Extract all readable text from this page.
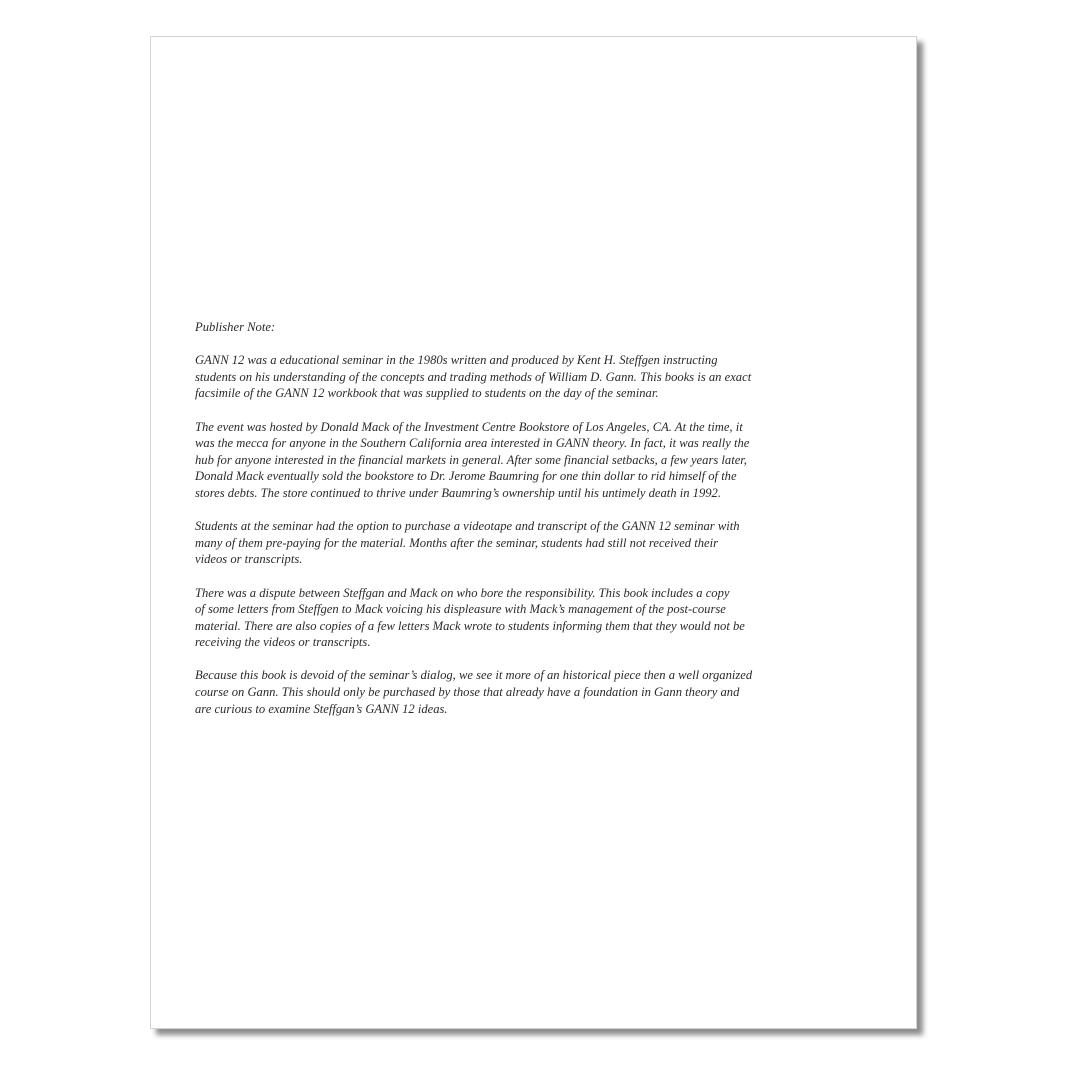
Publisher Note:

GANN 12 was a educational seminar in the 1980s written and produced by Kent H. Steffgen instructing
students on his understanding of the concepts and trading methods of William D. Gann. This books is an exact
facsimile of the GANN 12 workbook that was supplied to students on the day of the seminar.

The event was hosted by Donald Mack of the Investment Centre Bookstore of Los Angeles, CA. At the time, it
was the mecca for anyone in the Southern California area interested in GANN theory. In fact, it was really the
hub for anyone interested in the financial markets in general. After some financial setbacks, a few years later,
Donald Mack eventually sold the bookstore to Dr. Jerome Baumring for one thin dollar to rid himself of the
stores debts. The store continued to thrive under Baumring’s ownership until his untimely death in 1992.

Students at the seminar had the option to purchase a videotape and transcript of the GANN 12 seminar with
many of them pre-paying for the material. Months after the seminar, students had still not received their
videos or transcripts.

There was a dispute between Steffgan and Mack on who bore the responsibility. This book includes a copy
of some letters from Steffgen to Mack voicing his displeasure with Mack’s management of the post-course
material. There are also copies of a few letters Mack wrote to students informing them that they would not be
receiving the videos or transcripts.

Because this book is devoid of the seminar’s dialog, we see it more of an historical piece then a well organized
course on Gann. This should only be purchased by those that already have a foundation in Gann theory and
are curious to examine Steffgan’s GANN 12 ideas.
